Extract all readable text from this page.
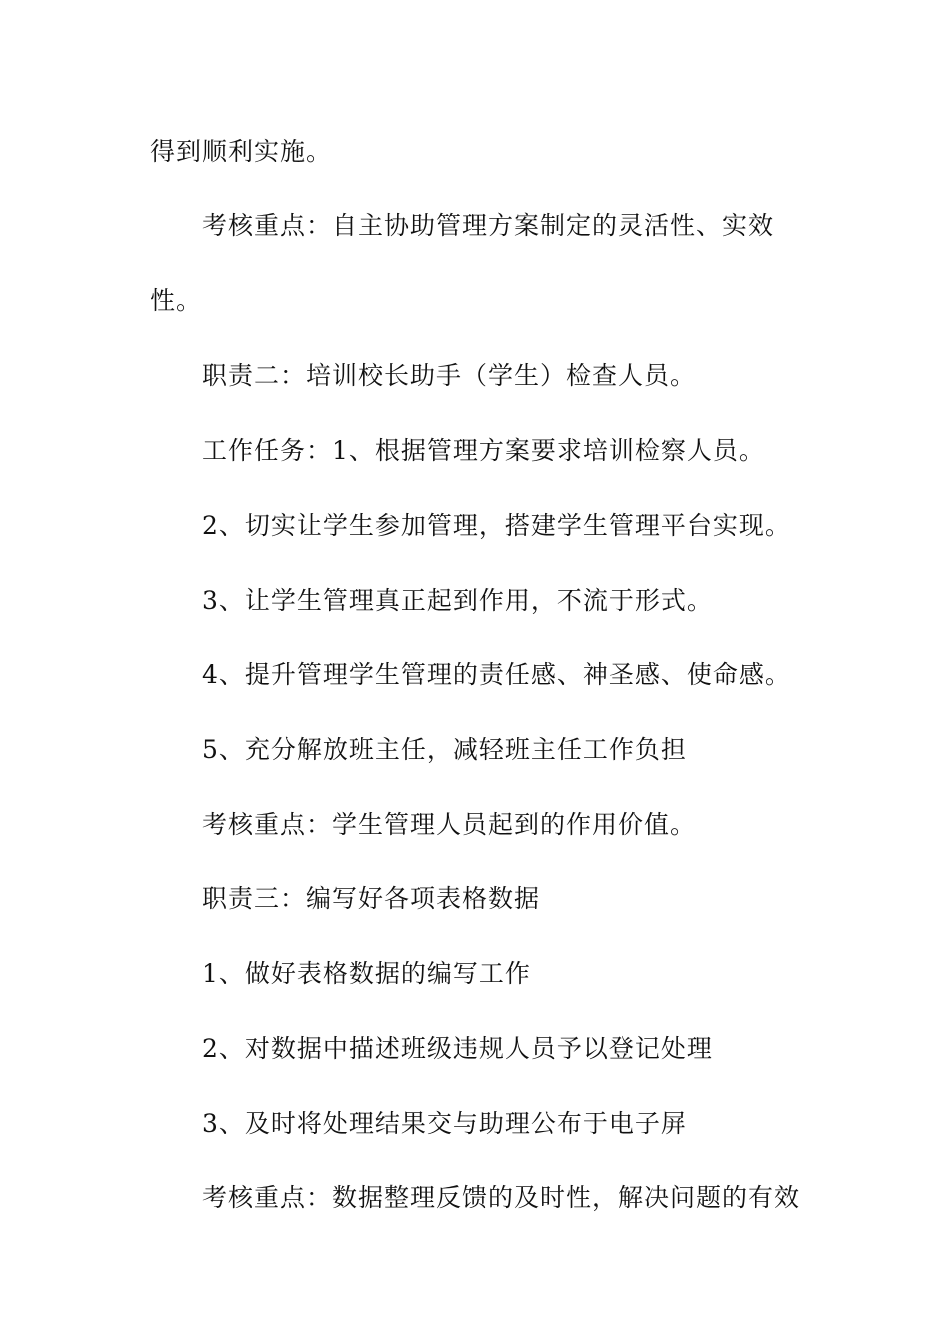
得到顺利实施。
考核重点：自主协助管理方案制定的灵活性、实效
性。
职责二：培训校长助手（学生）检查人员。
工作任务：1、根据管理方案要求培训检察人员。
2、切实让学生参加管理，搭建学生管理平台实现。
3、让学生管理真正起到作用，不流于形式。
4、提升管理学生管理的责任感、神圣感、使命感。
5、充分解放班主任，减轻班主任工作负担
考核重点：学生管理人员起到的作用价值。
职责三：编写好各项表格数据
1、做好表格数据的编写工作
2、对数据中描述班级违规人员予以登记处理
3、及时将处理结果交与助理公布于电子屏
考核重点：数据整理反馈的及时性，解决问题的有效
